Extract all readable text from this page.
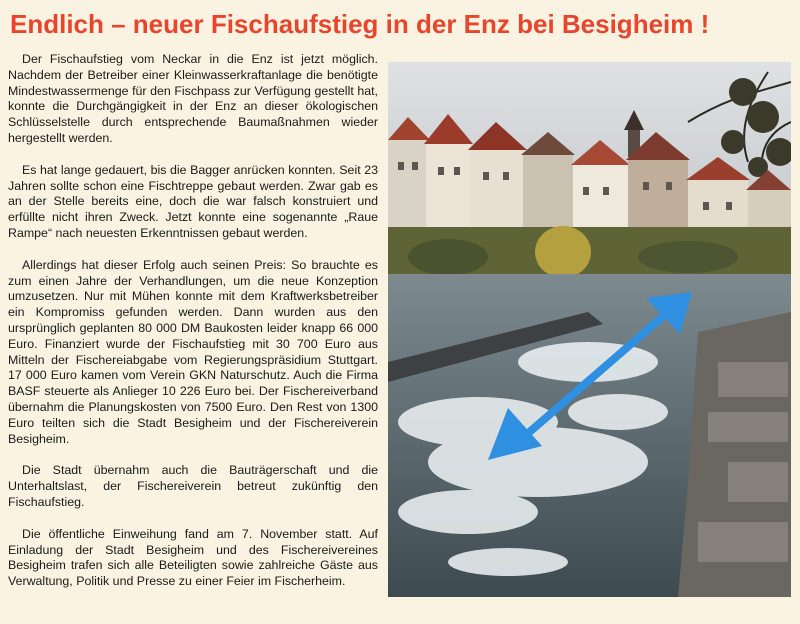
Endlich – neuer Fischaufstieg in der Enz bei Besigheim !

Der Fischaufstieg vom Neckar in die Enz ist jetzt möglich. Nachdem der Betreiber einer Kleinwasserkraftanlage die benötigte Mindestwassermenge für den Fischpass zur Verfügung gestellt hat, konnte die Durchgängigkeit in der Enz an dieser ökologischen Schlüsselstelle durch entsprechende Baumaßnahmen wieder hergestellt werden.

Es hat lange gedauert, bis die Bagger anrücken konnten. Seit 23 Jahren sollte schon eine Fischtreppe gebaut werden. Zwar gab es an der Stelle bereits eine, doch die war falsch konstruiert und erfüllte nicht ihren Zweck. Jetzt konnte eine sogenannte „Raue Rampe“ nach neuesten Erkenntnissen gebaut werden.

Allerdings hat dieser Erfolg auch seinen Preis: So brauchte es zum einen Jahre der Verhandlungen, um die neue Konzeption umzusetzen. Nur mit Mühen konnte mit dem Kraftwerksbetreiber ein Kompromiss gefunden werden. Dann wurden aus den ursprünglich geplanten 80 000 DM Baukosten leider knapp 66 000 Euro. Finanziert wurde der Fischaufstieg mit 30 700 Euro aus Mitteln der Fischereiabgabe vom Regierungspräsidium Stuttgart. 17 000 Euro kamen vom Verein GKN Naturschutz. Auch die Firma BASF steuerte als Anlieger 10 226 Euro bei. Der Fischereiverband übernahm die Planungskosten von 7500 Euro. Den Rest von 1300 Euro teilten sich die Stadt Besigheim und der Fischereiverein Besigheim.

Die Stadt übernahm auch die Bauträgerschaft und die Unterhaltslast, der Fischereiverein betreut zukünftig den Fischaufstieg.

Die öffentliche Einweihung fand am 7. November statt. Auf Einladung der Stadt Besigheim und des Fischereivereines Besigheim trafen sich alle Beteiligten sowie zahlreiche Gäste aus Verwaltung, Politik und Presse zu einer Feier im Fischerheim.
